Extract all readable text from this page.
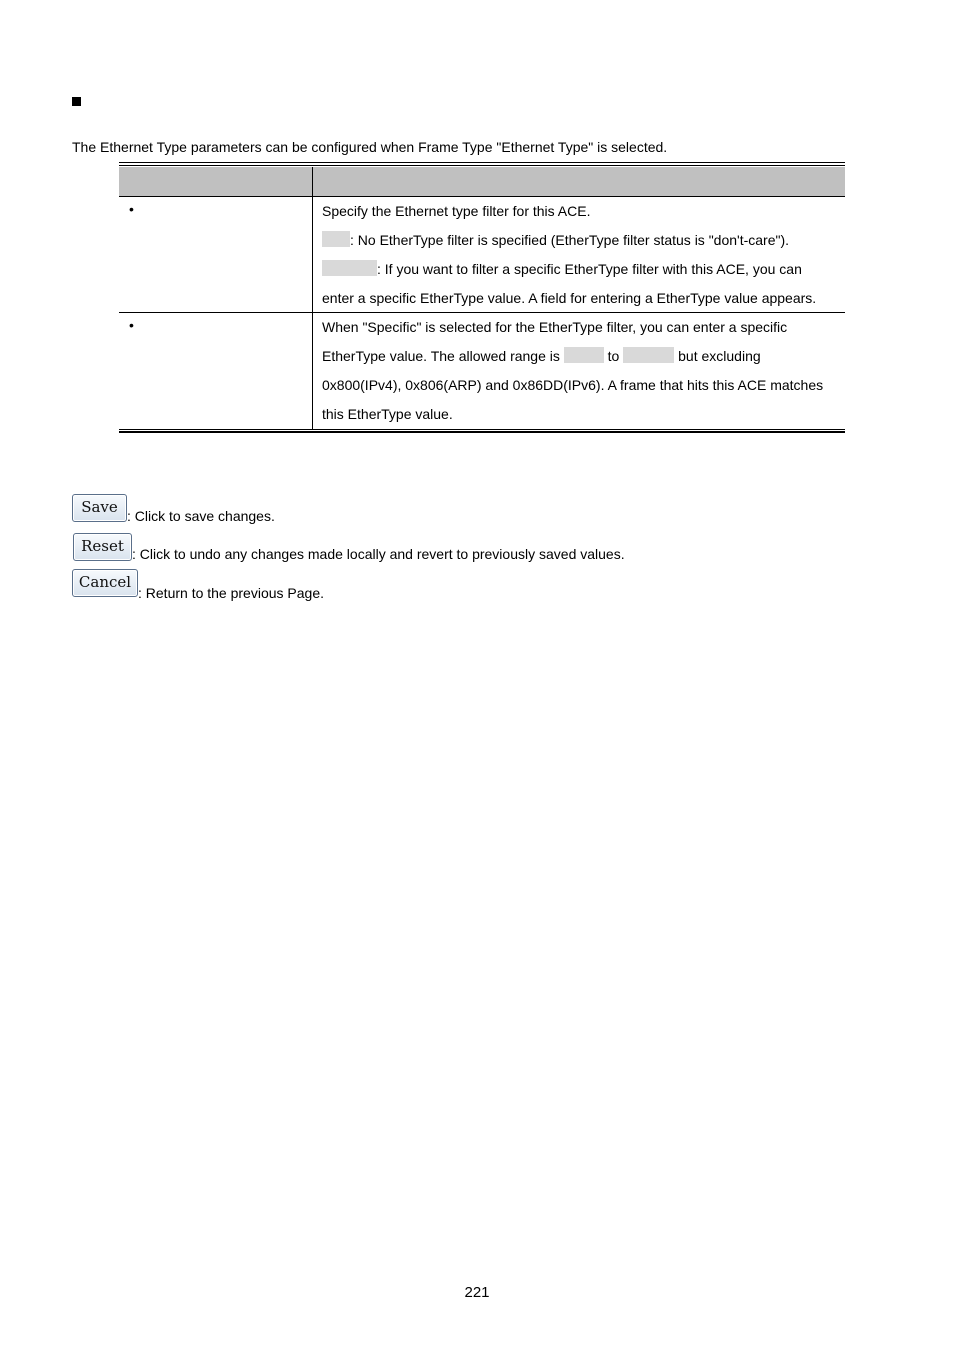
The Ethernet Type parameters can be configured when Frame Type "Ethernet Type" is selected.
•	Specify the Ethernet type filter for this ACE.
: No EtherType filter is specified (EtherType filter status is "don't-care").
: If you want to filter a specific EtherType filter with this ACE, you can
enter a specific EtherType value. A field for entering a EtherType value appears.
•	When "Specific" is selected for the EtherType filter, you can enter a specific
EtherType value. The allowed range is	to	but excluding
0x800(IPv4), 0x806(ARP) and 0x86DD(IPv6). A frame that hits this ACE matches
this EtherType value.
Save : Click to save changes.
Reset : Click to undo any changes made locally and revert to previously saved values.
Cancel
: Return to the previous Page.
221
